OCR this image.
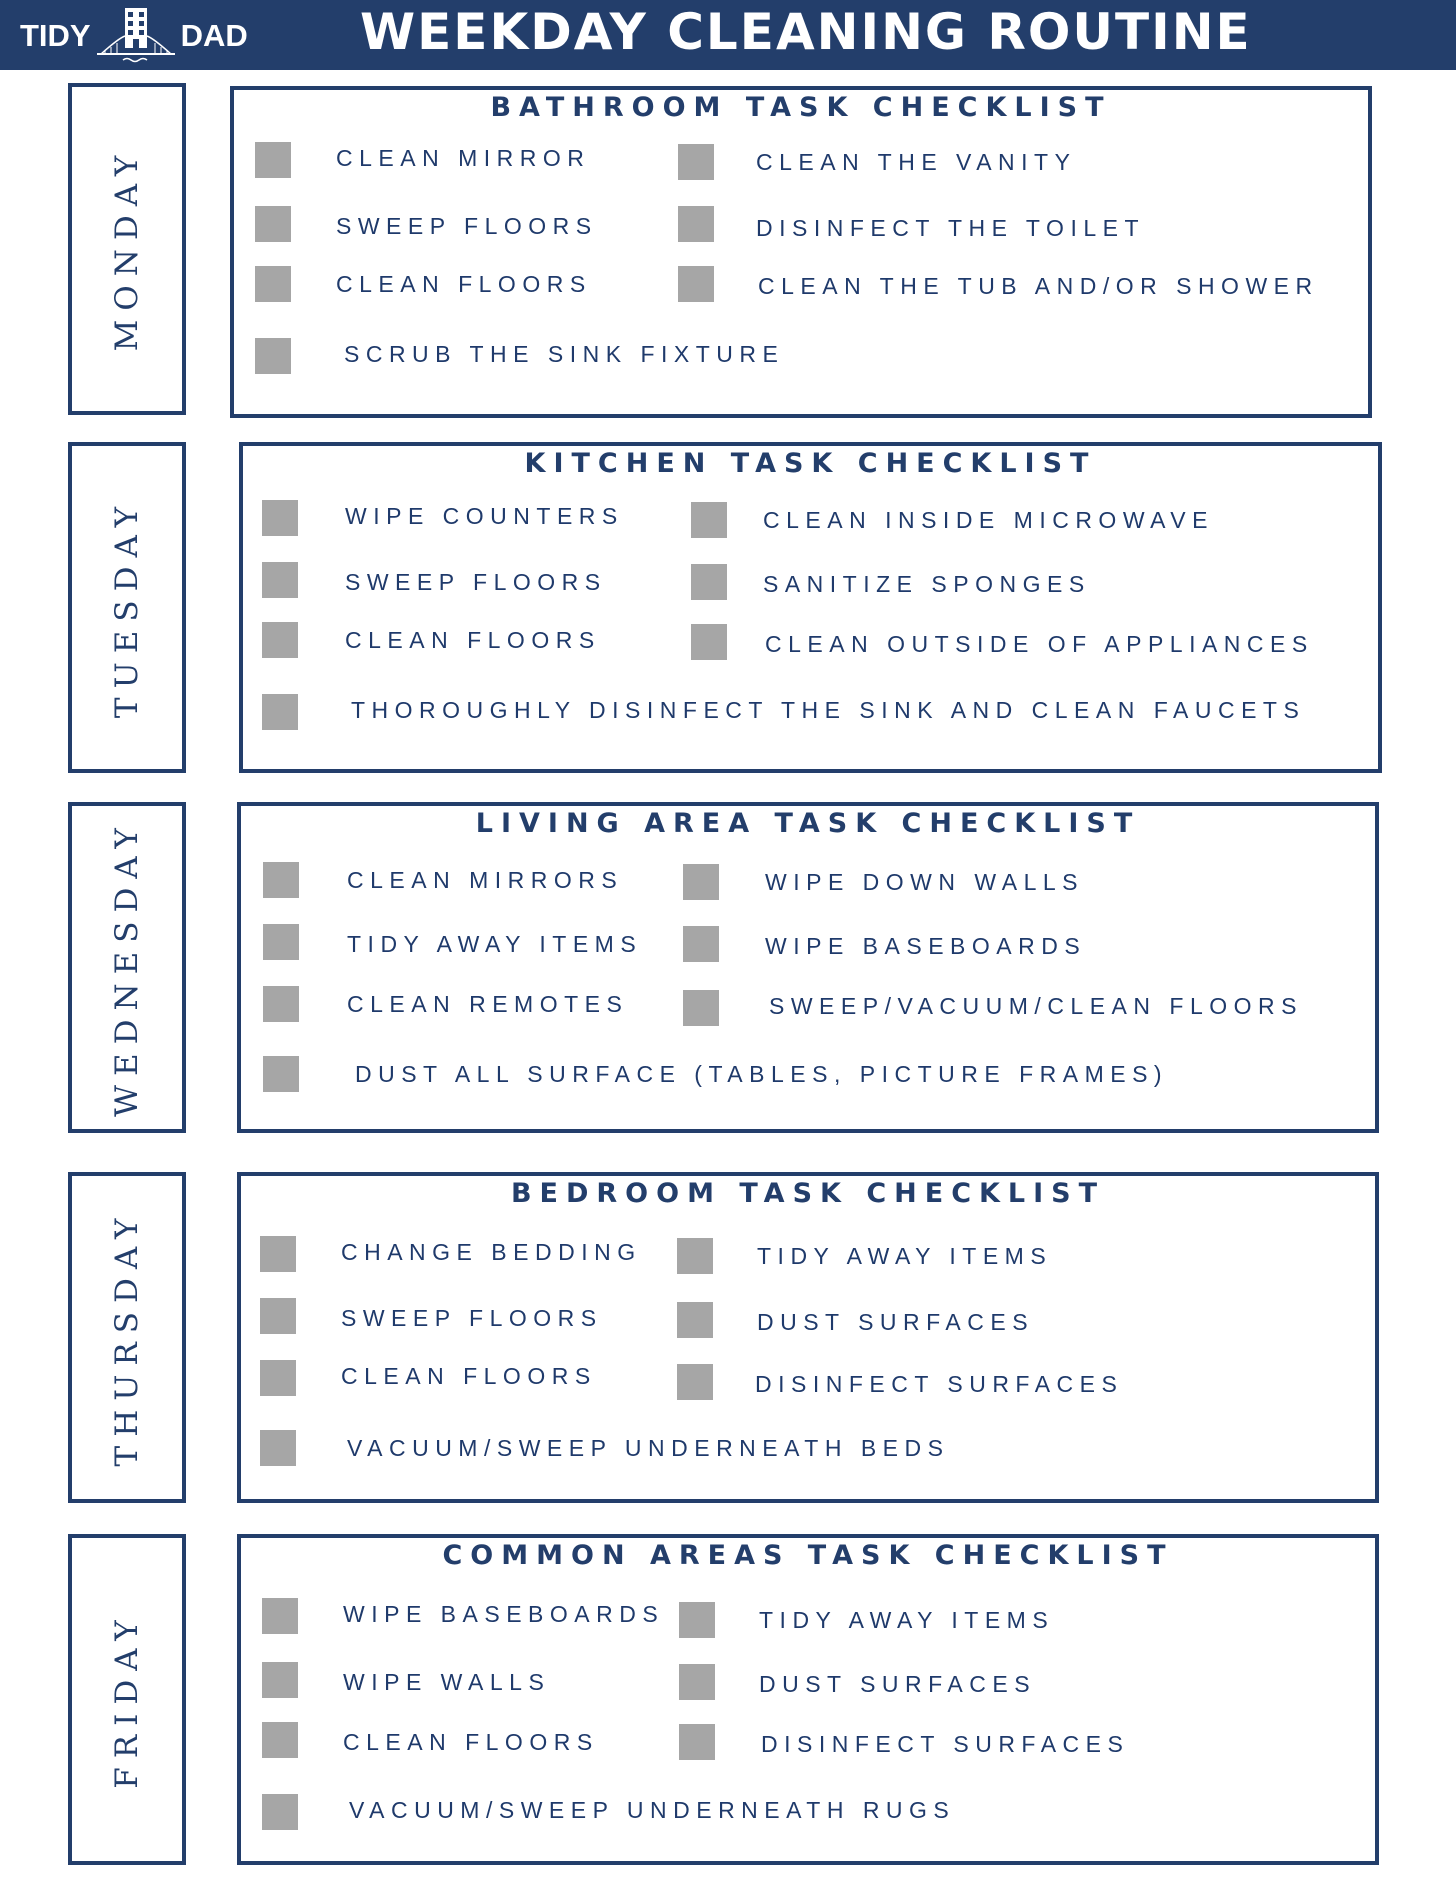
TIDY	DAD WEEKDAY CLEANING ROUTINE
MONDAY
BATHROOM TASK CHECKLIST
CLEAN MIRROR
SWEEP FLOORS
CLEAN FLOORS
SCRUB THE SINK FIXTURE
CLEAN THE VANITY
DISINFECT THE TOILET
CLEAN THE TUB AND/OR SHOWER
TUESDAY
KITCHEN TASK CHECKLIST
WIPE COUNTERS
SWEEP FLOORS
CLEAN FLOORS
THOROUGHLY DISINFECT THE SINK AND CLEAN FAUCETS
CLEAN INSIDE MICROWAVE
SANITIZE SPONGES
CLEAN OUTSIDE OF APPLIANCES
WEDNESDAY	LIVING AREA TASK CHECKLIST
CLEAN MIRRORS
TIDY AWAY ITEMS
CLEAN REMOTES
DUST ALL SURFACE (TABLES, PICTURE FRAMES)
WIPE DOWN WALLS
WIPE BASEBOARDS
SWEEP/VACUUM/CLEAN FLOORS
THURSDAY
BEDROOM TASK CHECKLIST
CHANGE BEDDING
SWEEP FLOORS
CLEAN FLOORS
VACUUM/SWEEP UNDERNEATH BEDS
TIDY AWAY ITEMS
DUST SURFACES
DISINFECT SURFACES
FRIDAY
COMMON AREAS TASK CHECKLIST
WIPE BASEBOARDS
WIPE WALLS
CLEAN FLOORS
VACUUM/SWEEP UNDERNEATH RUGS
TIDY AWAY ITEMS
DUST SURFACES
DISINFECT SURFACES
